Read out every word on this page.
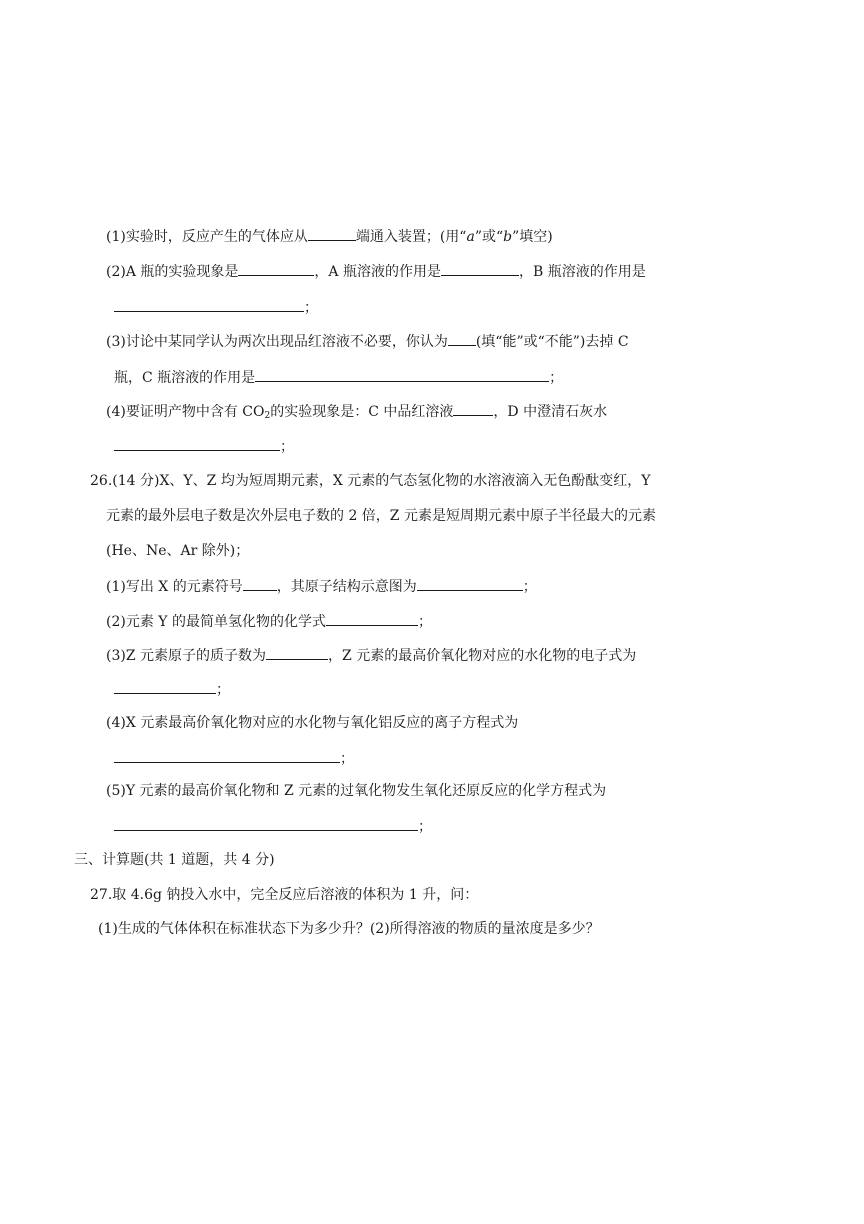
(1)实验时，反应产生的气体应从	端通入装置；(用“a”或“b”填空)
(2)A 瓶的实验现象是	，A 瓶溶液的作用是	，B 瓶溶液的作用是
；
(3)讨论中某同学认为两次出现品红溶液不必要，你认为 (填“能”或“不能”)去掉 C
瓶，C 瓶溶液的作用是	；
(4)要证明产物中含有 $CO_2$的实验现象是：C 中品红溶液	，D 中澄清石灰水
；
26.(14 分)X、Y、Z 均为短周期元素，X 元素的气态氢化物的水溶液滴入无色酚酞变红，Y
元素的最外层电子数是次外层电子数的 2 倍，Z 元素是短周期元素中原子半径最大的元素
(He、Ne、Ar 除外)；
(1)写出 X 的元素符号 ，其原子结构示意图为	；
(2)元素 Y 的最简单氢化物的化学式	；
(3)Z 元素原子的质子数为	，Z 元素的最高价氧化物对应的水化物的电子式为
；
(4)X 元素最高价氧化物对应的水化物与氧化铝反应的离子方程式为
；
(5)Y 元素的最高价氧化物和 Z 元素的过氧化物发生氧化还原反应的化学方程式为
；
三、计算题(共 1 道题，共 4 分)
27.取 4.6g 钠投入水中，完全反应后溶液的体积为 1 升，问：
(1)生成的气体体积在标准状态下为多少升？(2)所得溶液的物质的量浓度是多少？
